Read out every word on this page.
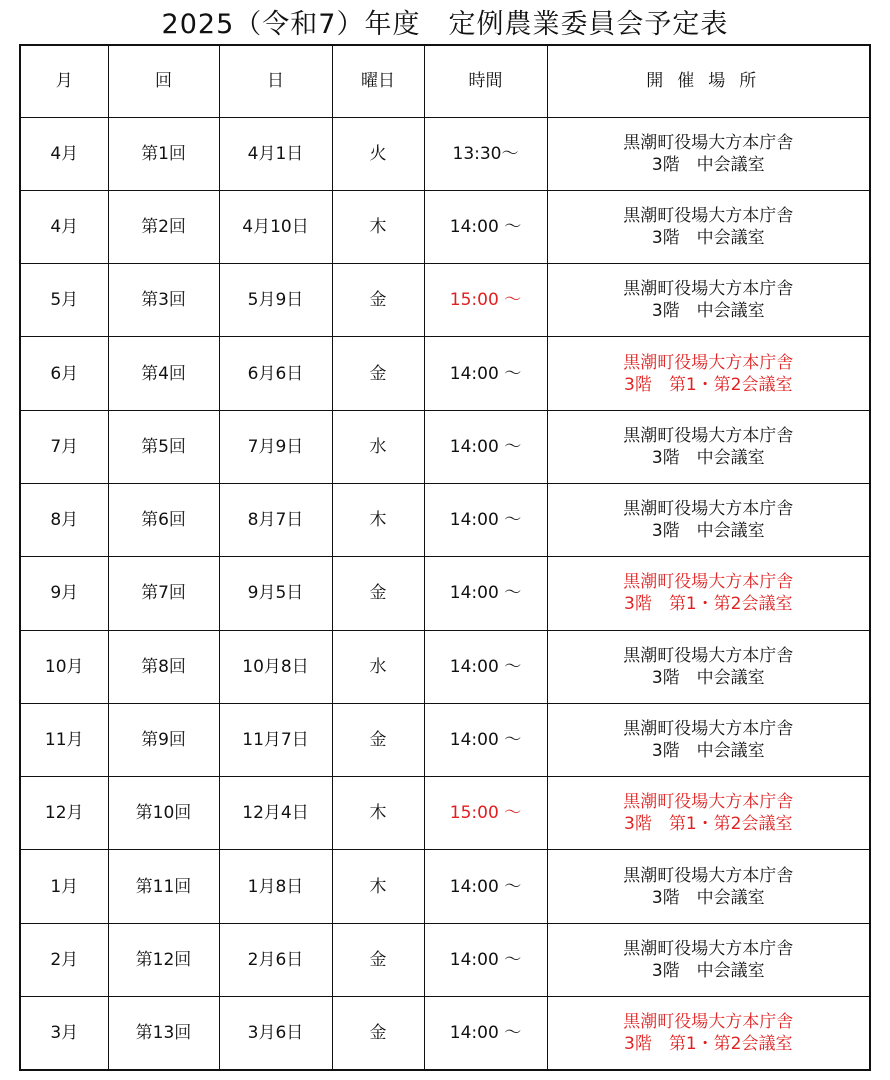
2025（令和7）年度　定例農業委員会予定表
月	回	日	曜日	時間	開催場所
4月	第1回	4月1日	火	13:30～	黒潮町役場大方本庁舎
3階　中会議室

4月	第2回	4月10日	木	14:00 ～	黒潮町役場大方本庁舎
3階　中会議室

5月	第3回	5月9日	金	15:00 ～	黒潮町役場大方本庁舎
3階　中会議室

6月	第4回	6月6日	金	14:00 ～	黒潮町役場大方本庁舎
3階　第1・第2会議室

7月	第5回	7月9日	水	14:00 ～	黒潮町役場大方本庁舎
3階　中会議室

8月	第6回	8月7日	木	14:00 ～	黒潮町役場大方本庁舎
3階　中会議室

9月	第7回	9月5日	金	14:00 ～	黒潮町役場大方本庁舎
3階　第1・第2会議室

10月	第8回	10月8日	水	14:00 ～	黒潮町役場大方本庁舎
3階　中会議室

11月	第9回	11月7日	金	14:00 ～	黒潮町役場大方本庁舎
3階　中会議室

12月	第10回	12月4日	木	15:00 ～	黒潮町役場大方本庁舎
3階　第1・第2会議室

1月	第11回	1月8日	木	14:00 ～	黒潮町役場大方本庁舎
3階　中会議室

2月	第12回	2月6日	金	14:00 ～	黒潮町役場大方本庁舎
3階　中会議室

3月	第13回	3月6日	金	14:00 ～	黒潮町役場大方本庁舎
3階　第1・第2会議室
